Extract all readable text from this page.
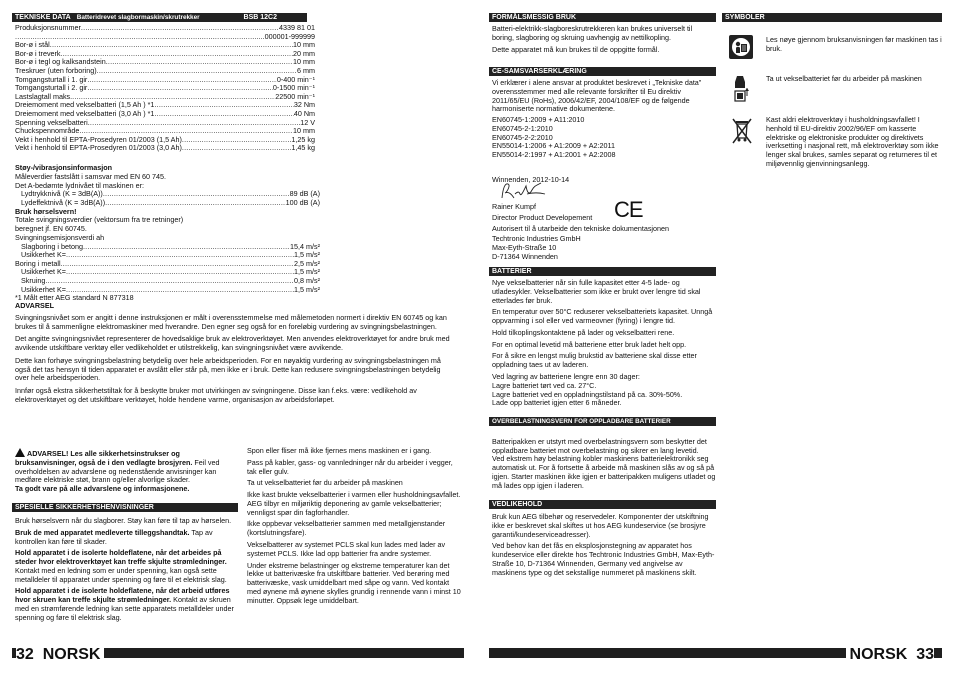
TEKNISKE DATA Batteridrevet slagbormaskin/skrutrekker	BSB 12C2
Produksjonsnummer .....	4339 81 01
.....
...000001-999999
Bor-ø i stål .....	10 mm
Bor-ø i treverk .....	20 mm
Bor-ø i tegl og kalksandstein .....	10 mm
Treskruer (uten forboring) .....	6 mm
Tomgangsturtall i 1. gir .....	0-400 min⁻¹
Tomgangsturtall i 2. gir .....	0-1500 min⁻¹
Lastslagtall maks. .....	22500 min⁻¹
Dreiemoment med vekselbatteri (1,5 Ah ) *1 .....	32 Nm
Dreiemoment med vekselbatteri (3,0 Ah ) *1 .....	40 Nm
Spenning vekselbatteri .....	12 V
Chuckspennområde .....	10 mm
Vekt i henhold til EPTA-Prosedyren 01/2003 (1,5 Ah) .....	1,25 kg
Vekt i henhold til EPTA-Prosedyren 01/2003 (3,0 Ah) .....	1,45 kg

Støy-/vibrasjonsinformasjon

Måleverdier fastslått i samsvar med EN 60 745.

Det A-bedømte lydnivået til maskinen er:

Lydtrykknivå (K = 3dB(A)) .....	89 dB (A)
Lydeffektnivå (K = 3dB(A)) .....	100 dB (A)

Bruk hørselsvern!

Totale svingningsverdier (vektorsum fra tre retninger)

beregnet jf. EN 60745.

Svingningsemisjonsverdi ah

Slagboring i betong .....	15,4 m/s²
Usikkerhet K= .....	1,5 m/s²
Boring i metall .....	2,5 m/s²
Usikkerhet K= .....	1,5 m/s²
Skruing .....	0,8 m/s²
Usikkerhet K= .....	1,5 m/s²

*1 Målt etter AEG standard N 877318

ADVARSEL

Svingningsnivået som er angitt i denne instruksjonen er målt i overensstemmelse med målemetoden normert i direktiv EN 60745 og kan brukes til å sammenligne elektromaskiner med hverandre. Den egner seg også for en foreløbig vurdering av svingningsbelastningen.

Det angitte svingningsnivået representerer de hovedsaklige bruk av elektroverktøyet. Men anvendes elektroverktøyet for andre bruk med avvikende utskiftbare verktøy eller vedlikeholdet er utilstrekkelig, kan svingningsnivået være avvikende.

Dette kan forhøye svingningsbelastning betydelig over hele arbeidsperioden. For en nøyaktig vurdering av svingningsbelastningen må også det tas hensyn til tiden apparatet er avslått eller står på, men ikke er i bruk. Dette kan redusere svingningsbelastningen betydelig over hele arbeidsperioden.

Innfør også ekstra sikkerhetstiltak for å beskytte bruker mot utvirkingen av svingningene. Disse kan f.eks. være: vedlikehold av elektroverktøyet og det utskiftbare verktøyet, holde hendene varme, organisasjon av arbeidsforløpet.

ADVARSEL! Les alle sikkerhetsinstrukser og bruksanvisninger, også de i den vedlagte brosjyren. Feil ved overholdelsen av advarslene og nedenstående anvisninger kan medføre elektriske støt, brann og/eller alvorlige skader.

Ta godt vare på alle advarslene og informasjonene.

SPESIELLE SIKKERHETSHENVISNINGER

Bruk hørselsvern når du slagborer. Støy kan føre til tap av hørselen.

Bruk de med apparatet medleverte tilleggshandtak. Tap av kontrollen kan føre til skader.

Hold apparatet i de isolerte holdeflatene, når det arbeides på steder hvor elektroverktøyet kan treffe skjulte strømledninger. Kontakt med en ledning som er under spenning, kan også sette metalldeler til apparatet under spenning og føre til et elektrisk slag.

Hold apparatet i de isolerte holdeflatene, når det arbeid utføres hvor skruen kan treffe skjulte strømledninger. Kontakt av skruen med en strømførende ledning kan sette apparatets metalldeler under spenning og føre til elektrisk slag.

Spon eller fliser må ikke fjernes mens maskinen er i gang.

Pass på kabler, gass- og vannledninger når du arbeider i vegger, tak eller gulv.

Ta ut vekselbatteriet før du arbeider på maskinen

Ikke kast brukte vekselbatterier i varmen eller husholdningsavfallet. AEG tilbyr en miljøriktig deponering av gamle vekselbatterier; vennligst spør din fagforhandler.

Ikke oppbevar vekselbatterier sammen med metallgjenstander (kortslutningsfare).

Vekselbatterer av systemet PCLS skal kun lades med lader av systemet PCLS. Ikke lad opp batterier fra andre systemer.

Under ekstreme belastninger og ekstreme temperaturer kan det lekke ut batterivæske fra utskiftbare batterier. Ved berøring med batterivæske, vask umiddelbart med såpe og vann. Ved kontakt med øynene må øynene skylles grundig i rennende vann i minst 10 minutter. Oppsøk lege umiddelbart.

32 NORSK
FORMÅLSMESSIG BRUK

Batteri-elektrikk-slagboreskrutrekkeren kan brukes universelt til boring, slagboring og skruing uavhengig av nettilkopling.

Dette apparatet må kun brukes til de oppgitte formål.

CE-SAMSVARSERKLÆRING

Vi erklærer i alene ansvar at produktet beskrevet i „Tekniske data" overensstemmer med alle relevante forskrifter til Eu direktiv 2011/65/EU (RoHs), 2006/42/EF, 2004/108/EF og de følgende harmoniserte normative dokumentene.

EN60745-1:2009 + A11:2010

EN60745-2-1:2010

EN60745-2-2:2010

EN55014-1:2006 + A1:2009 + A2:2011

EN55014-2:1997 + A1:2001 + A2:2008

Winnenden, 2012-10-14

Rainer Kumpf

Director Product Developement

Autorisert til å utarbeide den tekniske dokumentasjonen

Techtronic Industries GmbH

Max-Eyth-Straße 10

D-71364 Winnenden

CE
BATTERIER

Nye vekselbatterier når sin fulle kapasitet etter 4-5 lade- og utladesykler. Vekselbatterier som ikke er brukt over lengre tid skal etterlades før bruk.

En temperatur over 50°C reduserer vekselbatteriets kapasitet. Unngå oppvarming i sol eller ved varmeovner (fyring) i lengre tid.

Hold tilkoplingskontaktene på lader og vekselbatteri rene.

For en optimal levetid må batteriene etter bruk ladet helt opp.

For å sikre en lengst mulig brukstid av batteriene skal disse etter oppladning taes ut av laderen.

Ved lagring av batteriene lengre enn 30 dager:
Lagre batteriet tørt ved ca. 27°C.
Lagre batteriet ved en oppladningstilstand på ca. 30%-50%.
Lade opp batteriet igjen etter 6 måneder.

OVERBELASTNINGSVERN FOR OPPLADBARE BATTERIER

Batteripakken er utstyrt med overbelastningsvern som beskytter det oppladbare batteriet mot overbelastning og sikrer en lang levetid.
Ved ekstrem høy belastning kobler maskinens batterielektronikk seg automatisk ut. For å fortsette å arbeide må maskinen slås av og så på igjen. Starter maskinen ikke igjen er batteripakken muligens utladet og må lades opp igjen i laderen.

VEDLIKEHOLD

Bruk kun AEG tilbehør og reservedeler. Komponenter der utskiftning ikke er beskrevet skal skiftes ut hos AEG kundeservice (se brosjyre garanti/kundeserviceadresser).

Ved behov kan det fås en eksplosjonstegning av apparatet hos kundeservice eller direkte hos Techtronic Industries GmbH, Max-Eyth-Straße 10, D-71364 Winnenden, Germany ved angivelse av maskinens type og det sekstallige nummeret på maskinens skilt.

SYMBOLER
Les nøye gjennom bruksanvisningen før maskinen tas i bruk.
Ta ut vekselbatteriet før du arbeider på maskinen
Kast aldri elektroverktøy i husholdningsavfallet! I henhold til EU-direktiv 2002/96/EF om kasserte elektriske og elektroniske produkter og direktivets iverksetting i nasjonal rett, må elektroverktøy som ikke lenger skal brukes, samles separat og returneres til et miljøvennlig gjenvinningsanlegg.
NORSK 33
